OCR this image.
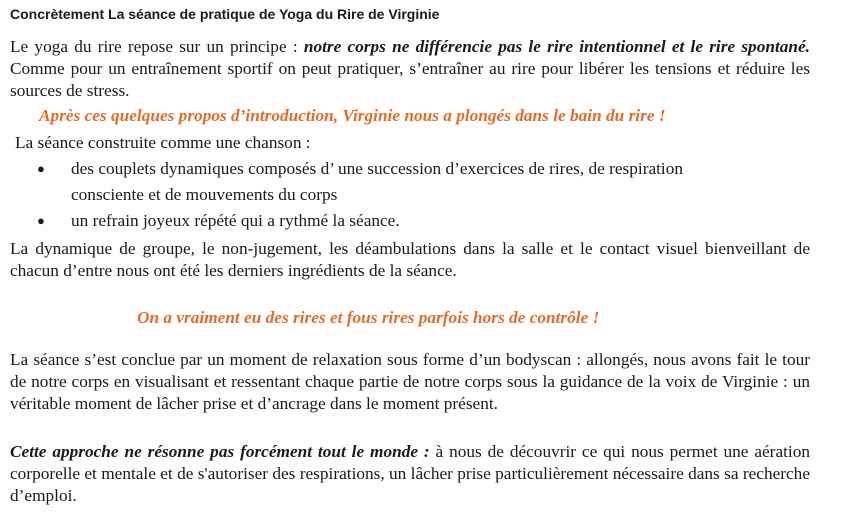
Concrètement La séance de pratique de Yoga du Rire de Virginie

Le yoga du rire repose sur un principe : notre corps ne différencie pas le rire intentionnel et le rire spontané. Comme pour un entraînement sportif on peut pratiquer, s’entraîner au rire pour libérer les tensions et réduire les sources de stress.

Après ces quelques propos d’introduction, Virginie nous a plongés dans le bain du rire !

La séance construite comme une chanson :

● des couplets dynamiques composés d’ une succession d’exercices de rires, de respiration
consciente et de mouvements du corps
● un refrain joyeux répété qui a rythmé la séance.

La dynamique de groupe, le non-jugement, les déambulations dans la salle et le contact visuel bienveillant de chacun d’entre nous ont été les derniers ingrédients de la séance.

On a vraiment eu des rires et fous rires parfois hors de contrôle !

La séance s’est conclue par un moment de relaxation sous forme d’un bodyscan : allongés, nous avons fait le tour de notre corps en visualisant et ressentant chaque partie de notre corps sous la guidance de la voix de Virginie : un véritable moment de lâcher prise et d’ancrage dans le moment présent.

Cette approche ne résonne pas forcément tout le monde : à nous de découvrir ce qui nous permet une aération corporelle et mentale et de s'autoriser des respirations, un lâcher prise particulièrement nécessaire dans sa recherche d’emploi.
